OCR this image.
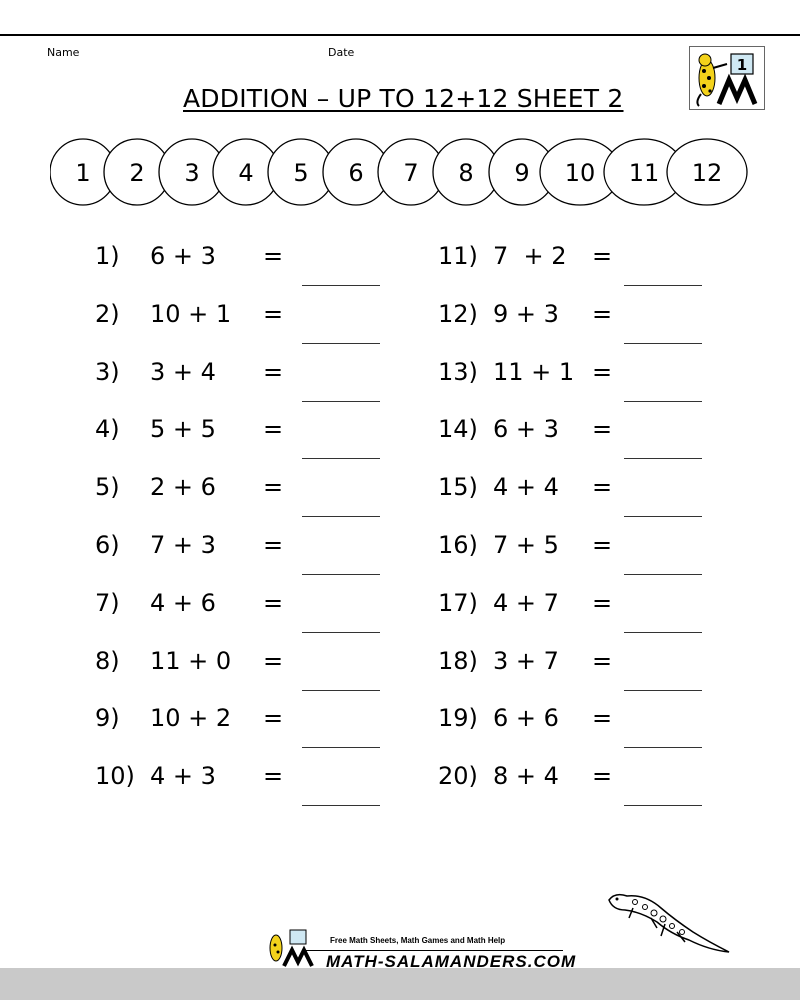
Name	Date
1
ADDITION – UP TO 12+12 SHEET 2
1 2 3 4 5 6 7 8 9 10 11 12
1) 6 + 3 =
2) 10 + 1 =
3) 3 + 4 =
4) 5 + 5 =
5) 2 + 6 =
6) 7 + 3 =
7) 4 + 6 =
8) 11 + 0 =
9) 10 + 2 =
10) 4 + 3 =
11) 7  + 2 =
12) 9 + 3 =
13) 11 + 1 =
14) 6 + 3 =
15) 4 + 4 =
16) 7 + 5 =
17) 4 + 7 =
18) 3 + 7 =
19) 6 + 6 =
20) 8 + 4 =
Free Math Sheets, Math Games and Math Help
MATH-SALAMANDERS.COM
